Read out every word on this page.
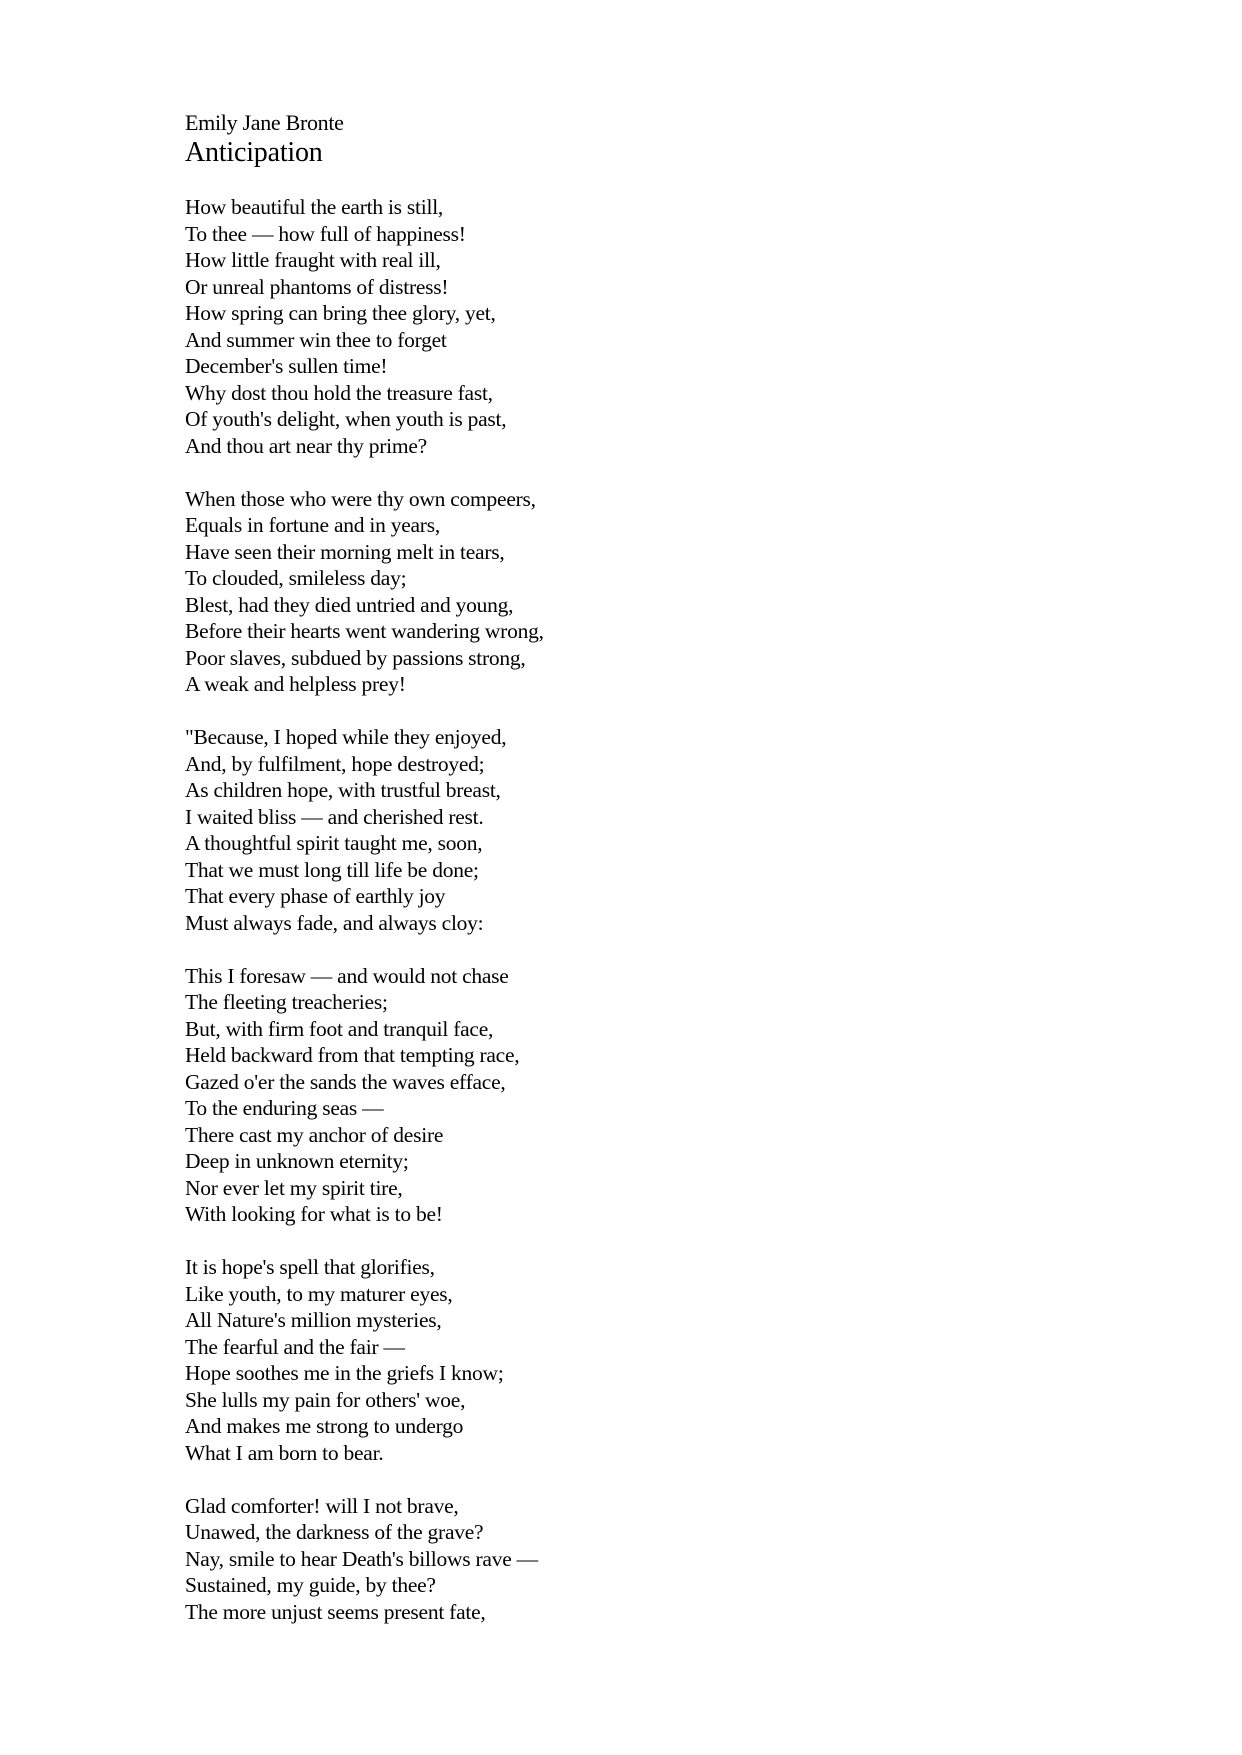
Emily Jane Bronte
Anticipation
How beautiful the earth is still,
To thee — how full of happiness!
How little fraught with real ill,
Or unreal phantoms of distress!
How spring can bring thee glory, yet,
And summer win thee to forget
December's sullen time!
Why dost thou hold the treasure fast,
Of youth's delight, when youth is past,
And thou art near thy prime?
When those who were thy own compeers,
Equals in fortune and in years,
Have seen their morning melt in tears,
To clouded, smileless day;
Blest, had they died untried and young,
Before their hearts went wandering wrong,
Poor slaves, subdued by passions strong,
A weak and helpless prey!
"Because, I hoped while they enjoyed,
And, by fulfilment, hope destroyed;
As children hope, with trustful breast,
I waited bliss — and cherished rest.
A thoughtful spirit taught me, soon,
That we must long till life be done;
That every phase of earthly joy
Must always fade, and always cloy:
This I foresaw — and would not chase
The fleeting treacheries;
But, with firm foot and tranquil face,
Held backward from that tempting race,
Gazed o'er the sands the waves efface,
To the enduring seas —
There cast my anchor of desire
Deep in unknown eternity;
Nor ever let my spirit tire,
With looking for what is to be!
It is hope's spell that glorifies,
Like youth, to my maturer eyes,
All Nature's million mysteries,
The fearful and the fair —
Hope soothes me in the griefs I know;
She lulls my pain for others' woe,
And makes me strong to undergo
What I am born to bear.
Glad comforter! will I not brave,
Unawed, the darkness of the grave?
Nay, smile to hear Death's billows rave —
Sustained, my guide, by thee?
The more unjust seems present fate,
